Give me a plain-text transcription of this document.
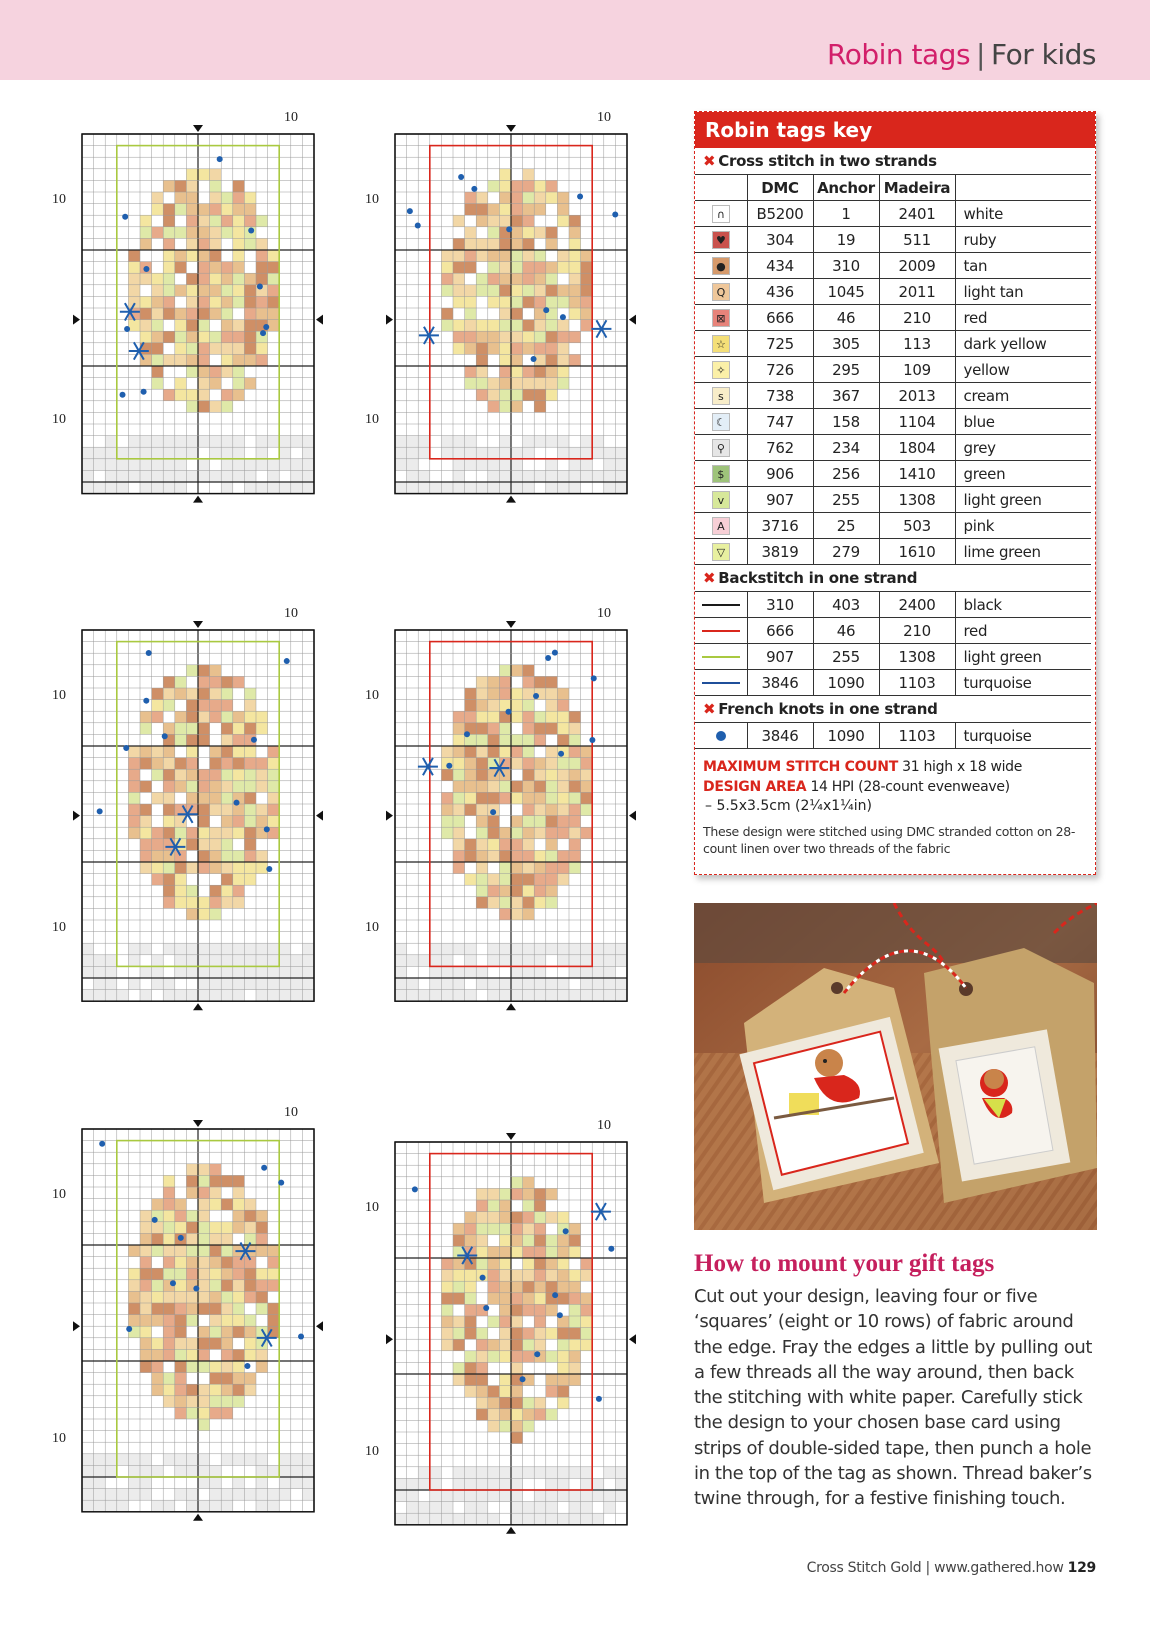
Robin tags | For kids
10
10
10
10
10
10
10
10
10
10
10
10
10
10
10
10
10
10
Robin tags key
✖ Cross stitch in two strands
	DMC	Anchor	Madeira	
∩	B5200	1	2401	white
♥	304	19	511	ruby
●	434	310	2009	tan
Q	436	1045	2011	light tan
⊠	666	46	210	red
☆	725	305	113	dark yellow
✧	726	295	109	yellow
s	738	367	2013	cream
☾	747	158	1104	blue
⚲	762	234	1804	grey
$	906	256	1410	green
v	907	255	1308	light green
A	3716	25	503	pink
▽	3819	279	1610	lime green
✖ Backstitch in one strand
	310	403	2400	black
	666	46	210	red
	907	255	1308	light green
	3846	1090	1103	turquoise
✖ French knots in one strand
	3846	1090	1103	turquoise
MAXIMUM STITCH COUNT 31 high x 18 wide
DESIGN AREA 14 HPI (28-count evenweave)
– 5.5x3.5cm (2¼x1¼in)
These design were stitched using DMC stranded cotton on 28-count linen over two threads of the fabric
How to mount your gift tags
Cut out your design, leaving four or five ‘squares’ (eight or 10 rows) of fabric around the edge. Fray the edges a little by pulling out a few threads all the way around, then back the stitching with white paper. Carefully stick the design to your chosen base card using strips of double-sided tape, then punch a hole in the top of the tag as shown. Thread baker’s twine through, for a festive finishing touch.
Cross Stitch Gold | www.gathered.how 129
